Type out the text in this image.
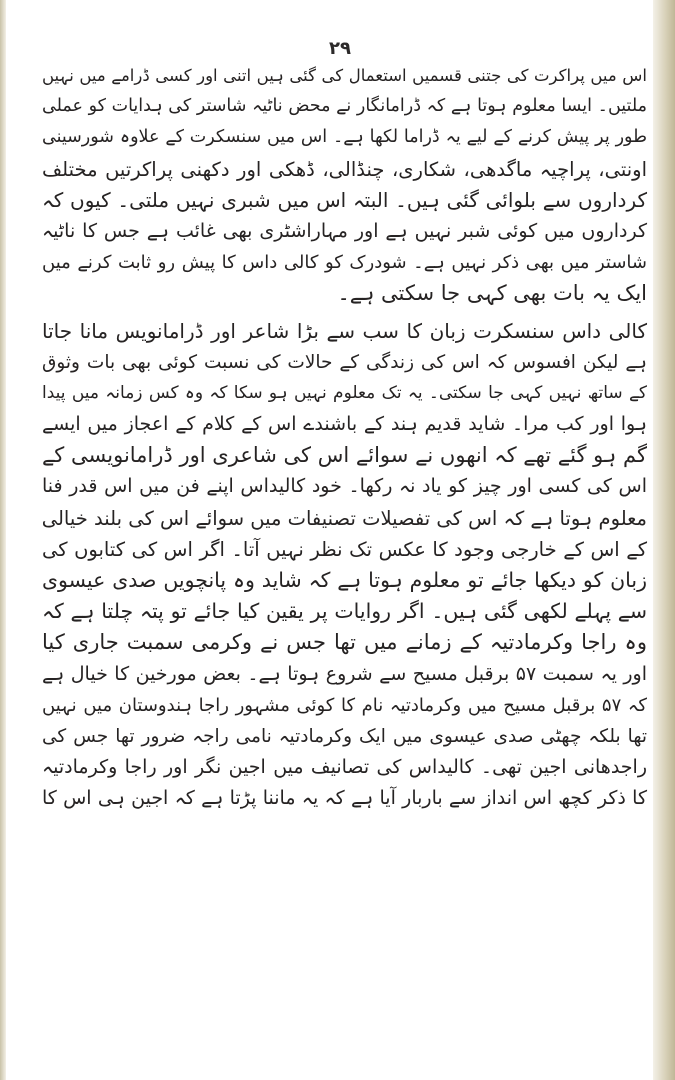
۲۹
اس میں پراکرت کی جتنی قسمیں استعمال کی گئی ہیں اتنی اور کسی ڈرامے میں نہیں
ملتیں۔ ایسا معلوم ہوتا ہے کہ ڈرامانگار نے محض ناٹیہ شاستر کی ہدایات کو عملی
طور پر پیش کرنے کے لیے یہ ڈراما لکھا ہے۔ اس میں سنسکرت کے علاوہ شورسینی
اونتی، پراچیہ ماگدھی، شکاری، چنڈالی، ڈھکی اور دکھنی پراکرتیں مختلف
کرداروں سے بلوائی گئی ہیں۔ البتہ اس میں شبری نہیں ملتی۔ کیوں کہ
کرداروں میں کوئی شبر نہیں ہے اور مہاراشٹری بھی غائب ہے جس کا ناٹیہ
شاستر میں بھی ذکر نہیں ہے۔ شودرک کو کالی داس کا پیش رو ثابت کرنے میں
ایک یہ بات بھی کہی جا سکتی ہے۔
کالی داس سنسکرت زبان کا سب سے بڑا شاعر اور ڈرامانویس مانا جاتا
ہے لیکن افسوس کہ اس کی زندگی کے حالات کی نسبت کوئی بھی بات وثوق
کے ساتھ نہیں کہی جا سکتی۔ یہ تک معلوم نہیں ہو سکا کہ وہ کس زمانہ میں پیدا
ہوا اور کب مرا۔ شاید قدیم ہند کے باشندے اس کے کلام کے اعجاز میں ایسے
گم ہو گئے تھے کہ انھوں نے سوائے اس کی شاعری اور ڈرامانویسی کے
اس کی کسی اور چیز کو یاد نہ رکھا۔ خود کالیداس اپنے فن میں اس قدر فنا
معلوم ہوتا ہے کہ اس کی تفصیلات تصنیفات میں سوائے اس کی بلند خیالی
کے اس کے خارجی وجود کا عکس تک نظر نہیں آتا۔ اگر اس کی کتابوں کی
زبان کو دیکھا جائے تو معلوم ہوتا ہے کہ شاید وہ پانچویں صدی عیسوی
سے پہلے لکھی گئی ہیں۔ اگر روایات پر یقین کیا جائے تو پتہ چلتا ہے کہ
وہ راجا وکرمادتیہ کے زمانے میں تھا جس نے وکرمی سمبت جاری کیا
اور یہ سمبت ۵۷ برقبل مسیح سے شروع ہوتا ہے۔ بعض مورخین کا خیال ہے
کہ ۵۷ برقبل مسیح میں وکرمادتیہ نام کا کوئی مشہور راجا ہندوستان میں نہیں
تھا بلکہ چھٹی صدی عیسوی میں ایک وکرمادتیہ نامی راجہ ضرور تھا جس کی
راجدھانی اجین تھی۔ کالیداس کی تصانیف میں اجین نگر اور راجا وکرمادتیہ
کا ذکر کچھ اس انداز سے باربار آیا ہے کہ یہ ماننا پڑتا ہے کہ اجین ہی اس کا
